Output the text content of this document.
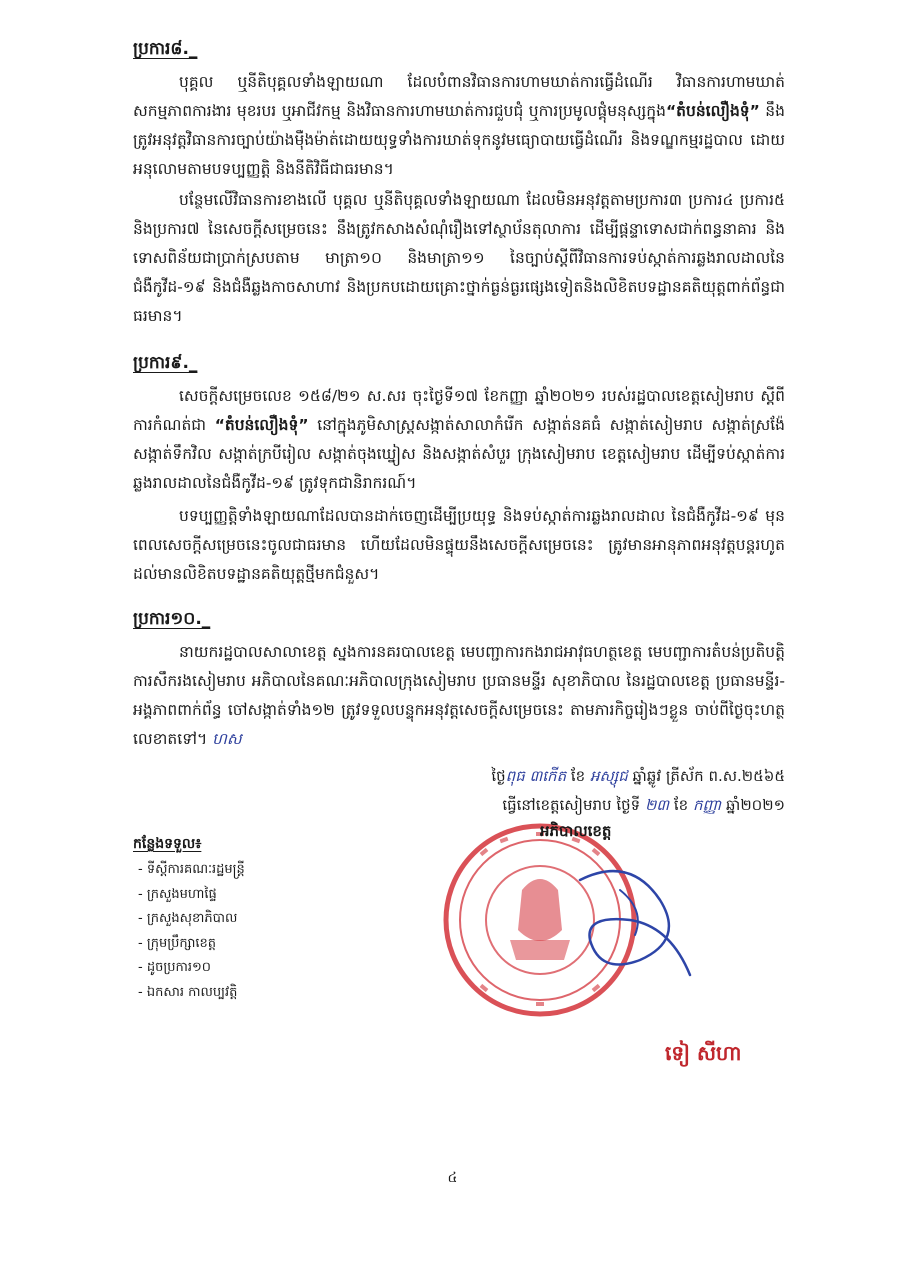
ប្រការ៨._
បុគ្គល ឬនីតិបុគ្គលទាំងឡាយណា ដែលបំពានវិធានការហាមឃាត់ការធ្វើដំណើរ វិធានការហាមឃាត់សកម្មភាពការងារ មុខរបរ ឬអាជីវកម្ម និងវិធានការហាមឃាត់ការជួបជុំ ឬការប្រមូលផ្តុំមនុស្សក្នុង“តំបន់លឿងទុំ” នឹងត្រូវអនុវត្តវិធានការច្បាប់យ៉ាងម៉ឺងម៉ាត់ដោយយុទ្ធទាំងការឃាត់ទុកនូវមធ្យោបាយធ្វើដំណើរ និងទណ្ឌកម្មរដ្ឋបាល ដោយអនុលោមតាមបទប្បញ្ញត្តិ និងនីតិវិធីជាធរមាន។
បន្ថែមលើវិធានការខាងលើ បុគ្គល ឬនីតិបុគ្គលទាំងឡាយណា ដែលមិនអនុវត្តតាមប្រការ៣ ប្រការ៤ ប្រការ៥ និងប្រការ៧ នៃសេចក្តីសម្រេចនេះ នឹងត្រូវកសាងសំណុំរឿងទៅស្ថាប័នតុលាការ ដើម្បីផ្តន្ទាទោសជាក់ពន្ធនាគារ និងទោសពិន័យជាប្រាក់ស្របតាម មាត្រា១០ និងមាត្រា១១ នៃច្បាប់ស្តីពីវិធានការទប់ស្កាត់ការឆ្លងរាលដាលនៃជំងឺកូវីដ-១៩ និងជំងឺឆ្លងកាចសាហាវ និងប្រកបដោយគ្រោះថ្នាក់ធ្ងន់ធ្ងរផ្សេងទៀតនិងលិខិតបទដ្ឋានគតិយុត្តពាក់ព័ន្ធជាធរមាន។
ប្រការ៩._
សេចក្តីសម្រេចលេខ ១៥៨/២១ ស.សរ ចុះថ្ងៃទី១៧ ខែកញ្ញា ឆ្នាំ២០២១ របស់រដ្ឋបាលខេត្តសៀមរាប ស្តីពីការកំណត់ជា “តំបន់លឿងទុំ” នៅក្នុងភូមិសាស្ត្រសង្កាត់សាលាកំរើក សង្កាត់នគធំ សង្កាត់សៀមរាប សង្កាត់ស្រង៉ែ សង្កាត់ទឹកវិល សង្កាត់ក្របីរៀល សង្កាត់ចុងឃ្នៀស និងសង្កាត់សំបួរ ក្រុងសៀមរាប ខេត្តសៀមរាប ដើម្បីទប់ស្កាត់ការឆ្លងរាលដាលនៃជំងឺកូវីដ-១៩ ត្រូវទុកជានិរាករណ៍។
បទប្បញ្ញត្តិទាំងឡាយណាដែលបានដាក់ចេញដើម្បីប្រយុទ្ធ និងទប់ស្កាត់ការឆ្លងរាលដាល នៃជំងឺកូវីដ-១៩ មុនពេលសេចក្តីសម្រេចនេះចូលជាធរមាន ហើយដែលមិនផ្ទុយនឹងសេចក្តីសម្រេចនេះ ត្រូវមានអានុភាពអនុវត្តបន្តរហូតដល់មានលិខិតបទដ្ឋានគតិយុត្តថ្មីមកជំនួស។
ប្រការ១០._
នាយករដ្ឋបាលសាលាខេត្ត ស្នងការនគរបាលខេត្ត មេបញ្ជាការកងរាជអាវុធហត្ថខេត្ត មេបញ្ជាការតំបន់ប្រតិបត្តិការសឹករងសៀមរាប អភិបាលនៃគណៈអភិបាលក្រុងសៀមរាប ប្រធានមន្ទីរ សុខាភិបាល នៃរដ្ឋបាលខេត្ត ប្រធានមន្ទីរ-អង្គភាពពាក់ព័ន្ធ ចៅសង្កាត់ទាំង១២ ត្រូវទទួលបន្ទុកអនុវត្តសេចក្តីសម្រេចនេះ តាមភារកិច្ចរៀងៗខ្លួន ចាប់ពីថ្ងៃចុះហត្ថលេខាតទៅ។ ហស
ថ្ងៃពុធ ៣កើត ខែ អស្សុជ ឆ្នាំឆ្លូវ ត្រីស័ក ព.ស.២៥៦៥
ធ្វើនៅខេត្តសៀមរាប ថ្ងៃទី ២៣ ខែ កញ្ញា ឆ្នាំ២០២១
អភិបាលខេត្ត
ទៀ សីហា
កន្លែងទទួល៖
- ទីស្តីការគណៈរដ្ឋមន្ត្រី
- ក្រសួងមហាផ្ទៃ
- ក្រសួងសុខាភិបាល
- ក្រុមប្រឹក្សាខេត្ត
- ដូចប្រការ១០
- ឯកសារ កាលប្បវត្តិ
៤
